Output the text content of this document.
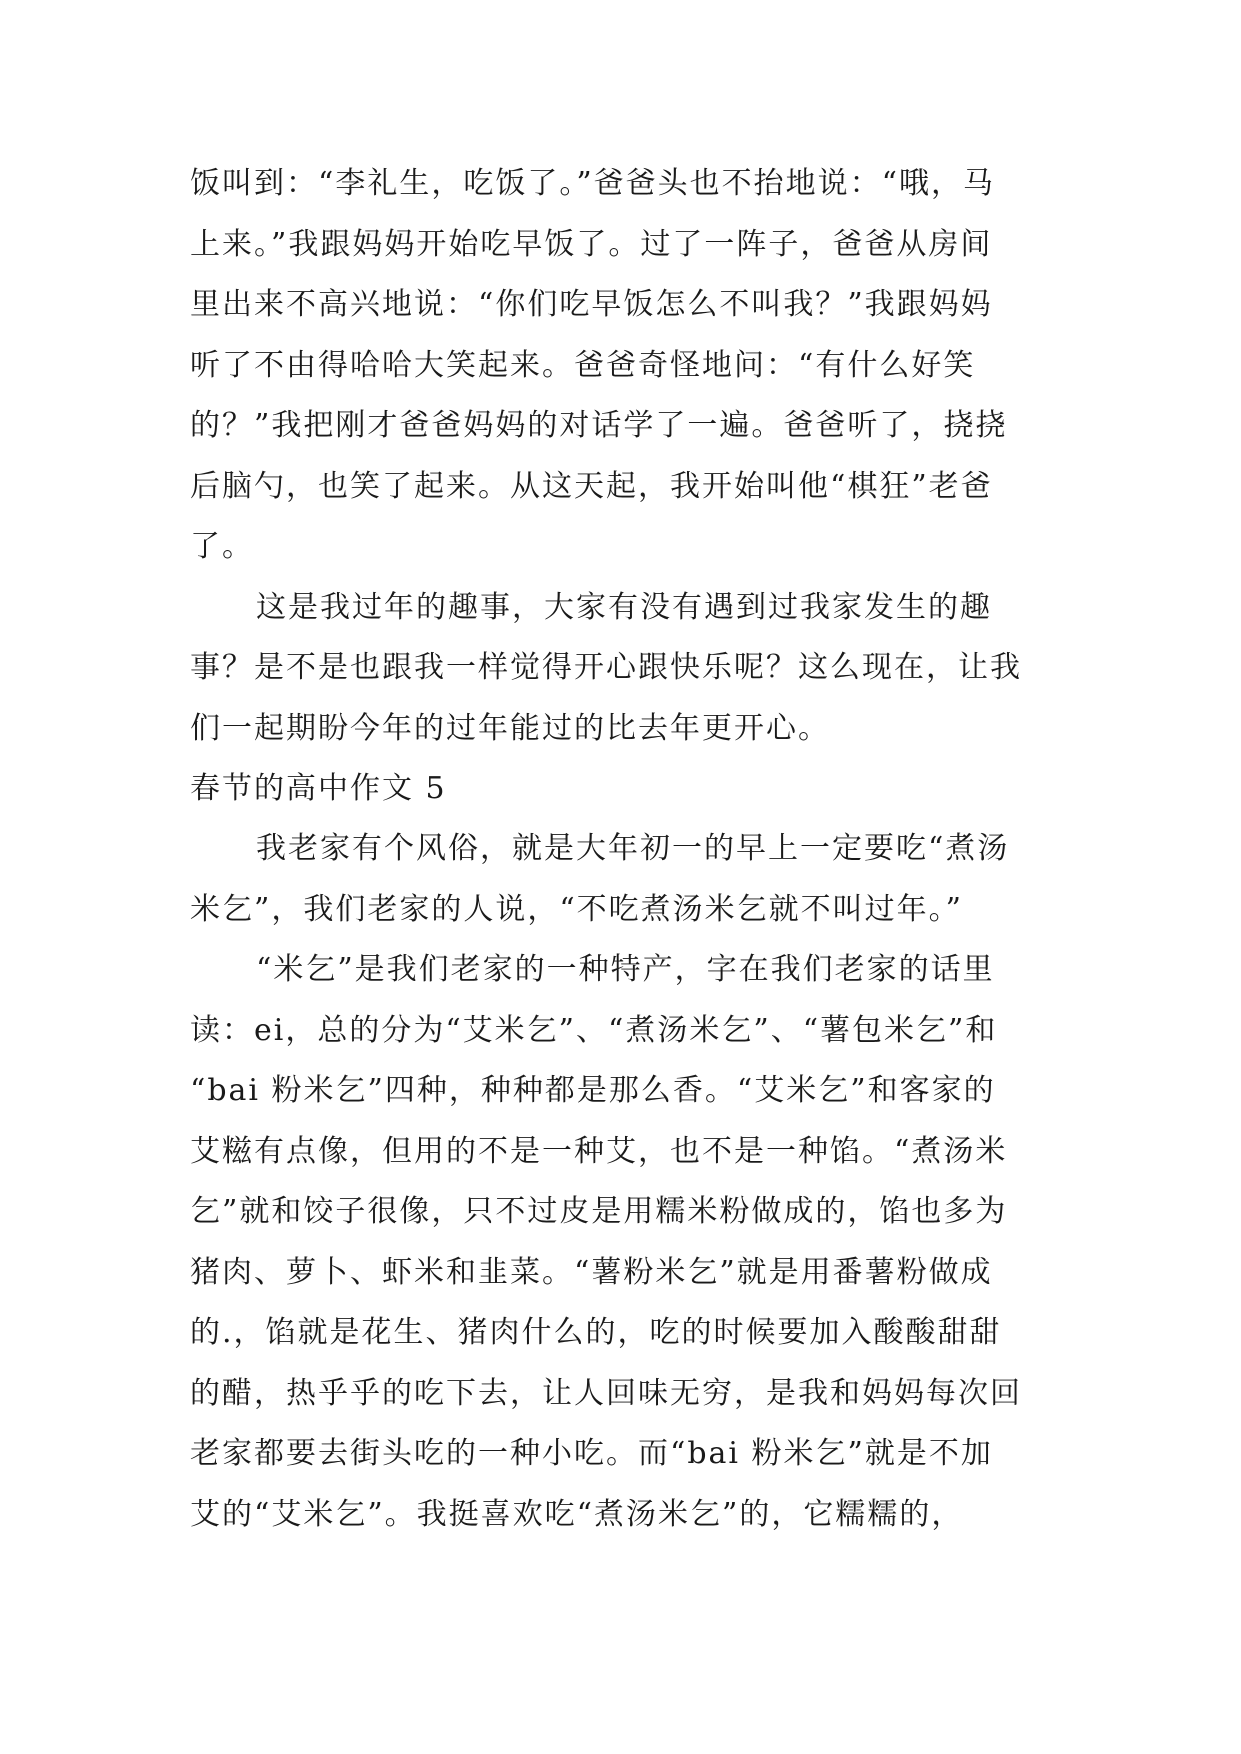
饭叫到：“李礼生，吃饭了。”爸爸头也不抬地说：“哦，马
上来。”我跟妈妈开始吃早饭了。过了一阵子，爸爸从房间
里出来不高兴地说：“你们吃早饭怎么不叫我？”我跟妈妈
听了不由得哈哈大笑起来。爸爸奇怪地问：“有什么好笑
的？”我把刚才爸爸妈妈的对话学了一遍。爸爸听了，挠挠
后脑勺，也笑了起来。从这天起，我开始叫他“棋狂”老爸
了。
这是我过年的趣事，大家有没有遇到过我家发生的趣
事？是不是也跟我一样觉得开心跟快乐呢？这么现在，让我
们一起期盼今年的过年能过的比去年更开心。
春节的高中作文 5
我老家有个风俗，就是大年初一的早上一定要吃“煮汤
米乞”，我们老家的人说，“不吃煮汤米乞就不叫过年。”
“米乞”是我们老家的一种特产，字在我们老家的话里
读：ei，总的分为“艾米乞”、“煮汤米乞”、“薯包米乞”和
“bai 粉米乞”四种，种种都是那么香。“艾米乞”和客家的
艾糍有点像，但用的不是一种艾，也不是一种馅。“煮汤米
乞”就和饺子很像，只不过皮是用糯米粉做成的，馅也多为
猪肉、萝卜、虾米和韭菜。“薯粉米乞”就是用番薯粉做成
的.，馅就是花生、猪肉什么的，吃的时候要加入酸酸甜甜
的醋，热乎乎的吃下去，让人回味无穷，是我和妈妈每次回
老家都要去街头吃的一种小吃。而“bai 粉米乞”就是不加
艾的“艾米乞”。我挺喜欢吃“煮汤米乞”的，它糯糯的，
